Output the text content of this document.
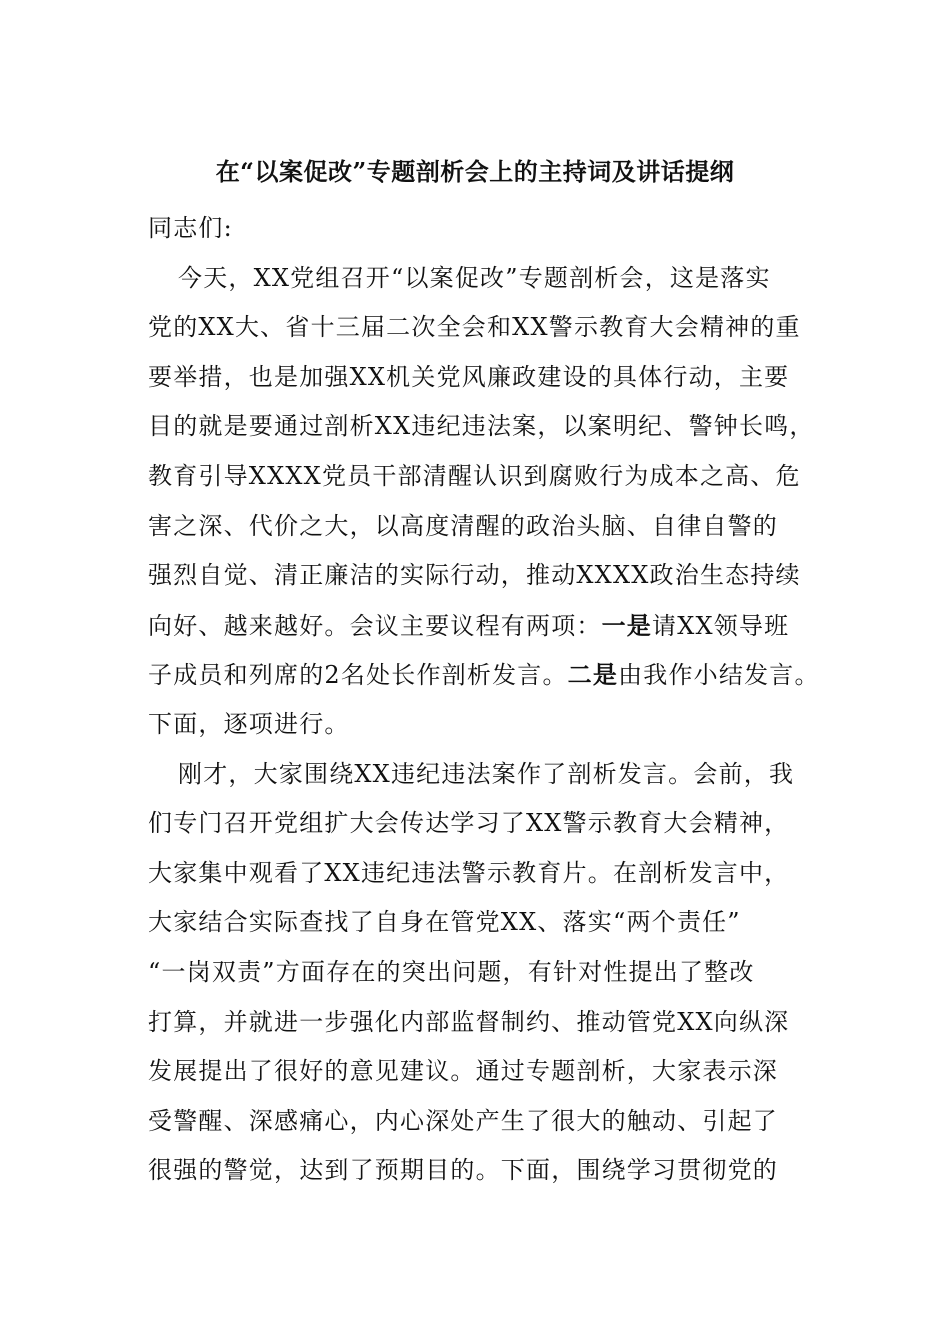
在“以案促改”专题剖析会上的主持词及讲话提纲
同志们:
今天，XX党组召开“以案促改”专题剖析会，这是落实
党的XX大、省十三届二次全会和XX警示教育大会精神的重
要举措，也是加强XX机关党风廉政建设的具体行动，主要
目的就是要通过剖析XX违纪违法案，以案明纪、警钟长鸣，
教育引导XXXX党员干部清醒认识到腐败行为成本之高、危
害之深、代价之大，以高度清醒的政治头脑、自律自警的
强烈自觉、清正廉洁的实际行动，推动XXXX政治生态持续
向好、越来越好。会议主要议程有两项：一是请XX领导班
子成员和列席的2名处长作剖析发言。二是由我作小结发言。
下面，逐项进行。
刚才，大家围绕XX违纪违法案作了剖析发言。会前，我
们专门召开党组扩大会传达学习了XX警示教育大会精神，
大家集中观看了XX违纪违法警示教育片。在剖析发言中，
大家结合实际查找了自身在管党XX、落实“两个责任”
“一岗双责”方面存在的突出问题，有针对性提出了整改
打算，并就进一步强化内部监督制约、推动管党XX向纵深
发展提出了很好的意见建议。通过专题剖析，大家表示深
受警醒、深感痛心，内心深处产生了很大的触动、引起了
很强的警觉，达到了预期目的。下面，围绕学习贯彻党的
